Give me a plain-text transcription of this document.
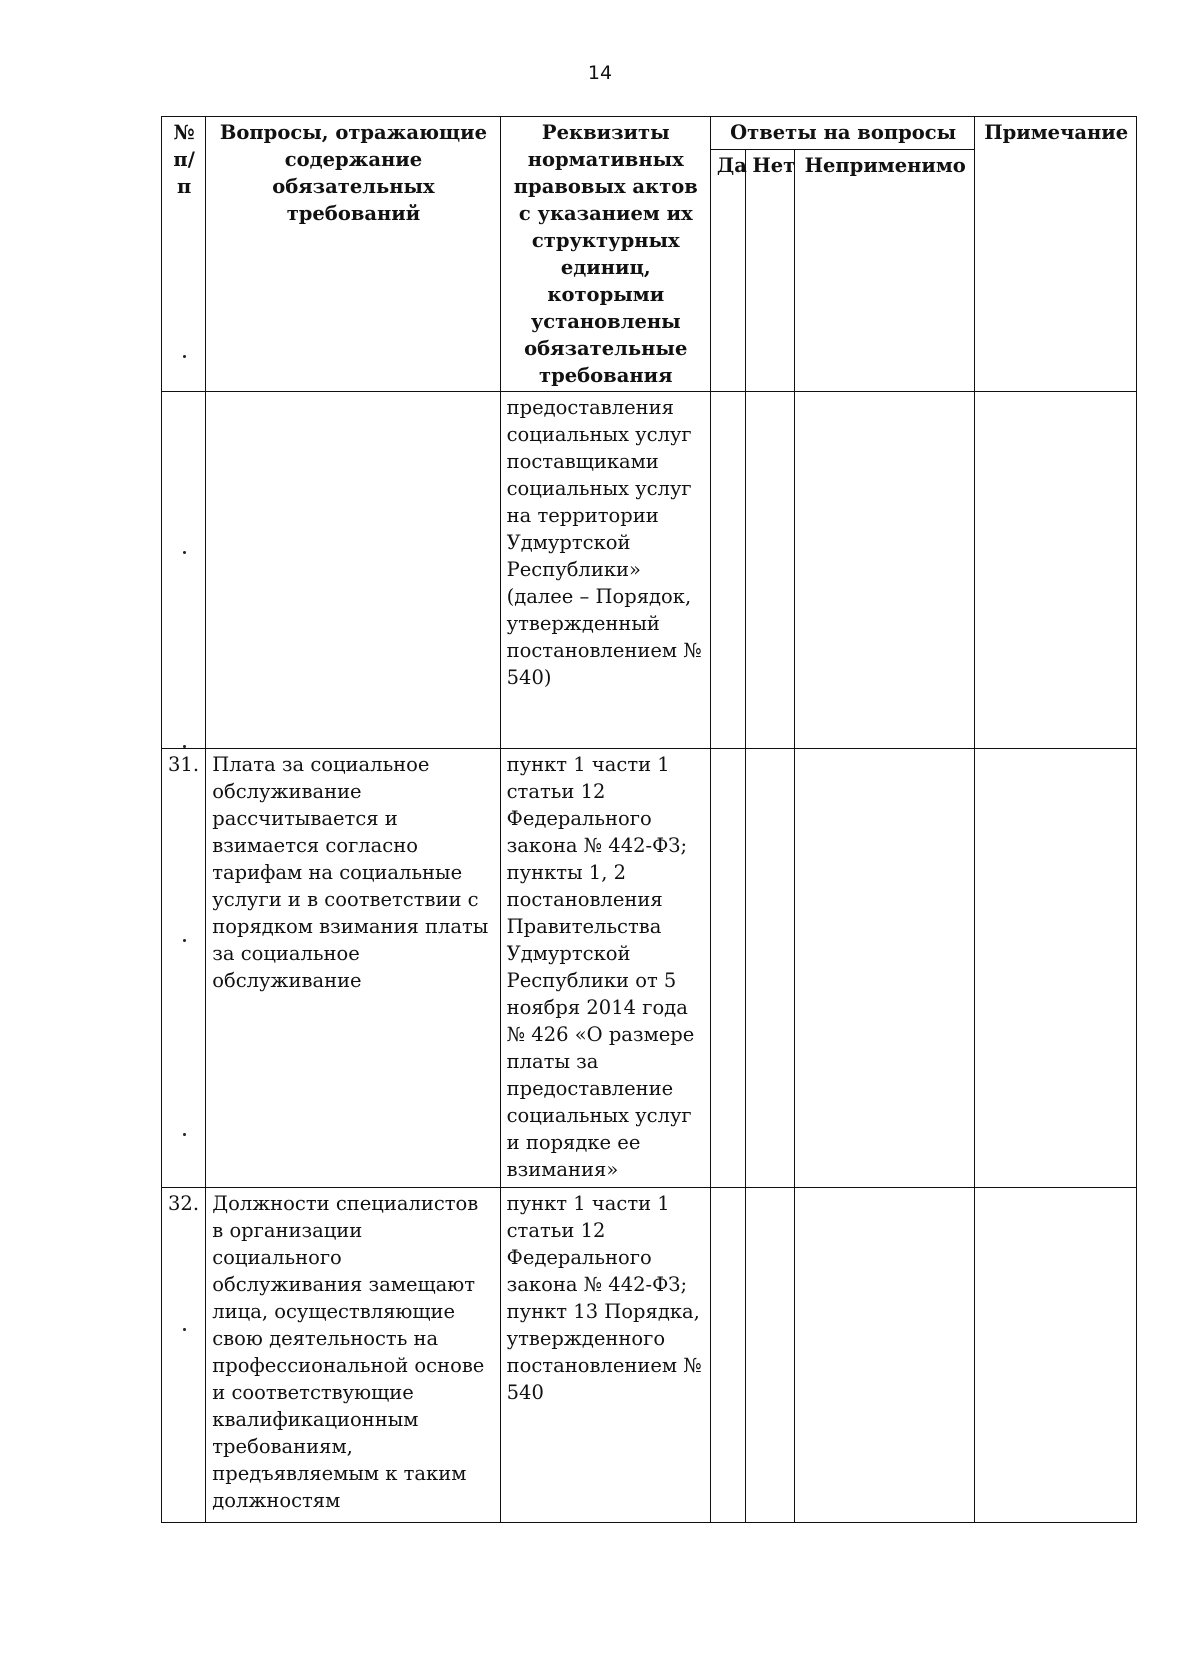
14
№ п/п	Вопросы, отражающие содержание обязательных требований	Реквизиты нормативных правовых актов с указанием их структурных единиц, которыми установлены обязательные требования	Ответы на вопросы			Примечание
			Да	Нет	Неприменимо	
		предоставления социальных услуг поставщиками социальных услуг на территории Удмуртской Республики» (далее – Порядок, утвержденный постановлением № 540)				
31.	Плата за социальное обслуживание рассчитывается и взимается согласно тарифам на социальные услуги и в соответствии с порядком взимания платы за социальное обслуживание	пункт 1 части 1 статьи 12 Федерального закона № 442-ФЗ; пункты 1, 2 постановления Правительства Удмуртской Республики от 5 ноября 2014 года № 426 «О размере платы за предоставление социальных услуг и порядке ее взимания»				
32.	Должности специалистов в организации социального обслуживания замещают лица, осуществляющие свою деятельность на профессиональной основе и соответствующие квалификационным требованиям, предъявляемым к таким должностям	пункт 1 части 1 статьи 12 Федерального закона № 442-ФЗ; пункт 13 Порядка, утвержденного постановлением № 540				
